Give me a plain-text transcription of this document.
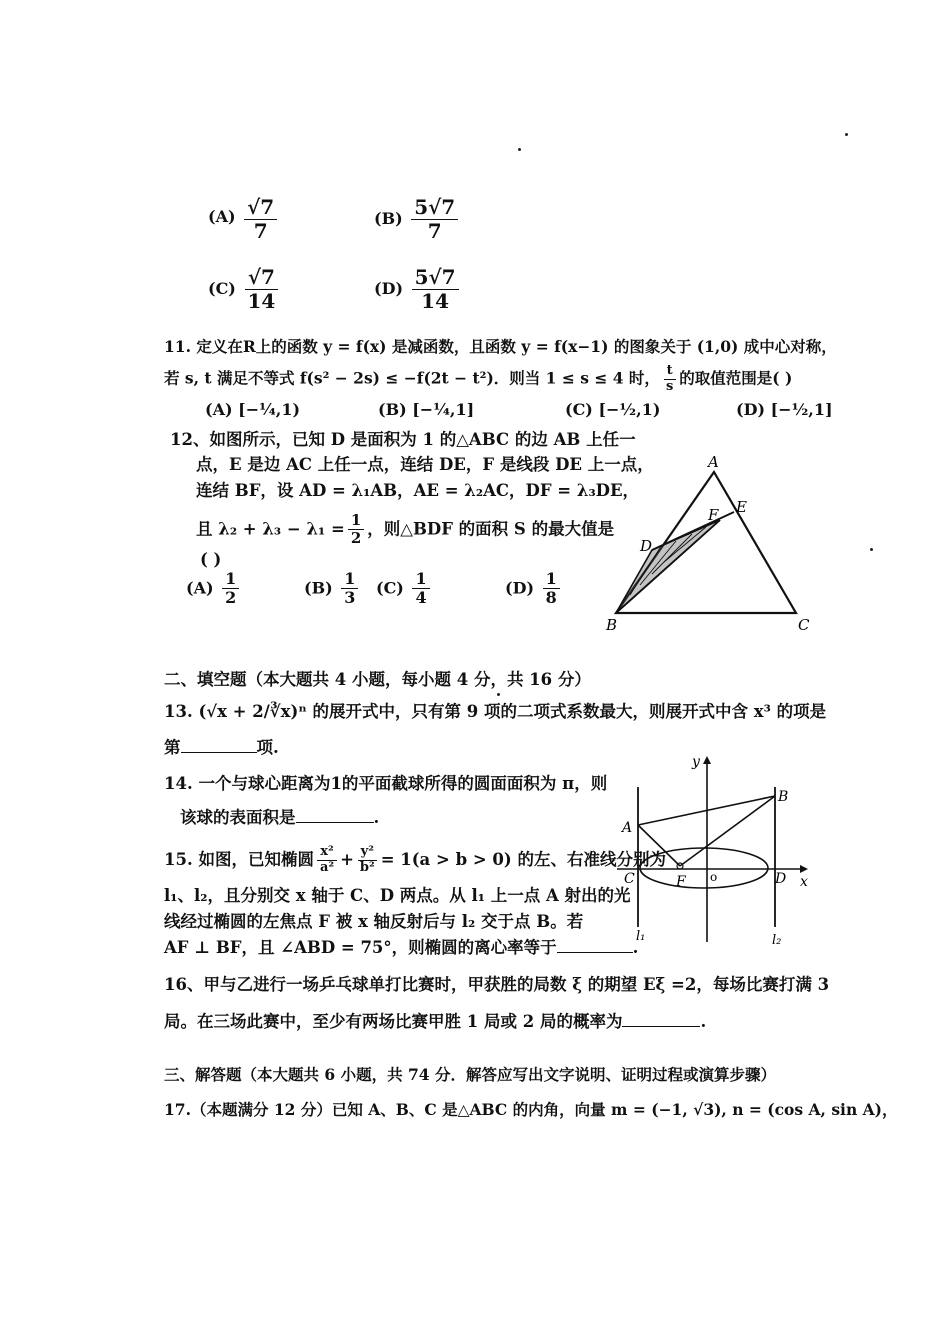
$(A) \frac{√7}{7}$	$(B) \frac{5√7}{7}$
$(C) \frac{√7}{14}$	$(D) \frac{5√7}{14}$
11. 定义在R上的函数 y = f(x) 是减函数，且函数 y = f(x−1) 的图象关于 (1,0) 成中心对称，
若 s, t 满足不等式 f(s² − 2s) ≤ −f(2t − t²)．则当 1 ≤ s ≤ 4 时， $\frac{t}{s}$ 的取值范围是( )
(A) [−¼,1)	(B) [−¼,1]	(C) [−½,1)	(D) [−½,1]
12、如图所示，已知 D 是面积为 1 的△ABC 的边 AB 上任一
点，E 是边 AC 上任一点，连结 DE，F 是线段 DE 上一点，
连结 BF，设 AD = λ₁AB，AE = λ₂AC，DF = λ₃DE，
且 $\lambda_2 + \lambda_3 - \lambda_1 = \frac{1}{2}$ ，则△BDF 的面积 S 的最大值是
( )
$(A) \frac{1}{2}$	$(B) \frac{1}{3} (C) \frac{1}{4}$	$(D) \frac{1}{8}$
A
B	C
D
E
F
二、填空题（本大题共 4 小题，每小题 4 分，共 16 分）
13. (√x + 2/∛x)ⁿ 的展开式中，只有第 9 项的二项式系数最大，则展开式中含 x³ 的项是
第	项.
14. 一个与球心距离为1的平面截球所得的圆面面积为 π，则
该球的表面积是	.
15. 如图，已知椭圆 $\frac{\text{x²}}{\text{a²}} + \frac{\text{y²}}{\text{b²}} = 1(a > b > 0)$ 的左、右准线分别为
l₁、l₂，且分别交 x 轴于 C、D 两点。从 l₁ 上一点 A 射出的光
线经过椭圆的左焦点 F 被 x 轴反射后与 l₂ 交于点 B。若
AF ⊥ BF，且 ∠ABD = 75°，则椭圆的离心率等于	.
y
x
A
B
C	D
F o
l₁	l₂
16、甲与乙进行一场乒乓球单打比赛时，甲获胜的局数 ξ 的期望 Eξ =2，每场比赛打满 3
局。在三场此赛中，至少有两场比赛甲胜 1 局或 2 局的概率为	.
三、解答题（本大题共 6 小题，共 74 分．解答应写出文字说明、证明过程或演算步骤）
17.（本题满分 12 分）已知 A、B、C 是△ABC 的内角，向量 m = (−1, √3), n = (cos A, sin A)，
